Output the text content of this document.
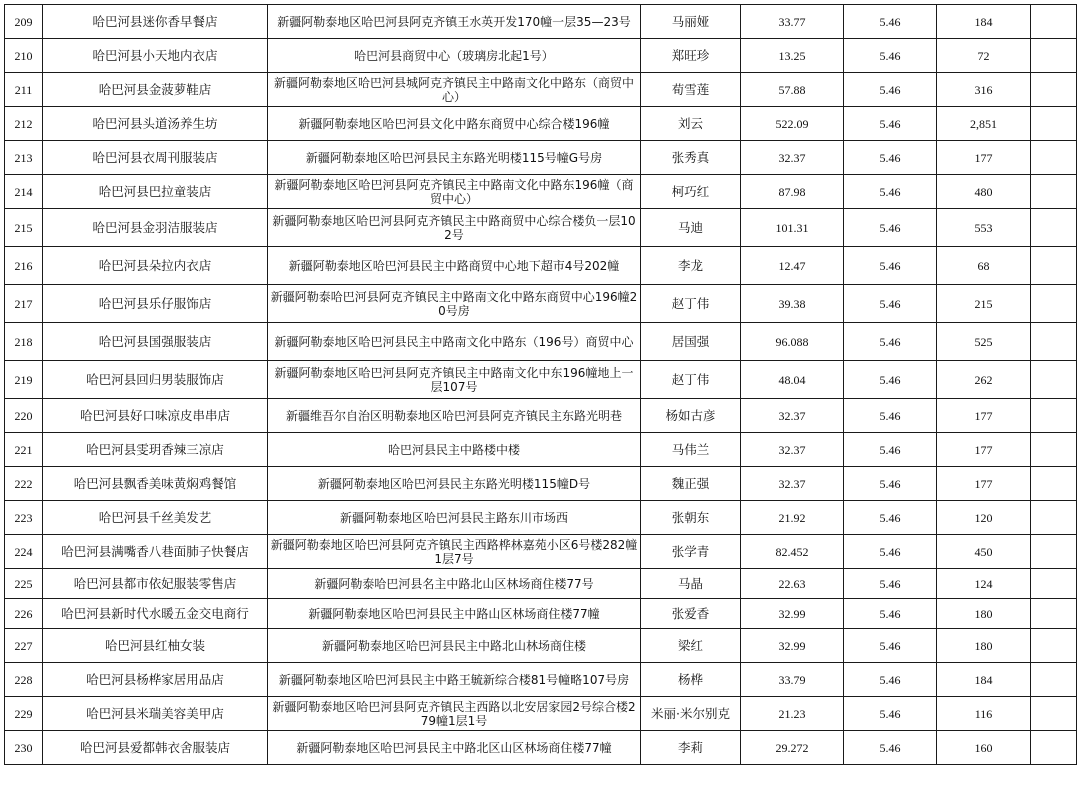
209	哈巴河县迷你香早餐店	新疆阿勒泰地区哈巴河县阿克齐镇王水英开发170幢一层35—23号	马丽娅	33.77	5.46	184	
210	哈巴河县小天地内衣店	哈巴河县商贸中心（玻璃房北起1号）	郑旺珍	13.25	5.46	72	
211	哈巴河县金菠萝鞋店	新疆阿勒泰地区哈巴河县城阿克齐镇民主中路南文化中路东（商贸中心）	荀雪莲	57.88	5.46	316	
212	哈巴河县头道汤养生坊	新疆阿勒泰地区哈巴河县文化中路东商贸中心综合楼196幢	刘云	522.09	5.46	2,851	
213	哈巴河县衣周刊服装店	新疆阿勒泰地区哈巴河县民主东路光明楼115号幢G号房	张秀真	32.37	5.46	177	
214	哈巴河县巴拉童装店	新疆阿勒泰地区哈巴河县阿克齐镇民主中路南文化中路东196幢（商贸中心）	柯巧红	87.98	5.46	480	
215	哈巴河县金羽洁服装店	新疆阿勒泰地区哈巴河县阿克齐镇民主中路商贸中心综合楼负一层102号	马迪	101.31	5.46	553	
216	哈巴河县朵拉内衣店	新疆阿勒泰地区哈巴河县民主中路商贸中心地下超市4号202幢	李龙	12.47	5.46	68	
217	哈巴河县乐仔服饰店	新疆阿勒泰哈巴河县阿克齐镇民主中路南文化中路东商贸中心196幢20号房	赵丁伟	39.38	5.46	215	
218	哈巴河县国强服装店	新疆阿勒泰地区哈巴河县民主中路南文化中路东（196号）商贸中心	居国强	96.088	5.46	525	
219	哈巴河县回归男装服饰店	新疆阿勒泰地区哈巴河县阿克齐镇民主中路南文化中东196幢地上一层107号	赵丁伟	48.04	5.46	262	
220	哈巴河县好口味凉皮串串店	新疆维吾尔自治区明勒泰地区哈巴河县阿克齐镇民主东路光明巷	杨如古彦	32.37	5.46	177	
221	哈巴河县雯玥香辣三凉店	哈巴河县民主中路楼中楼	马伟兰	32.37	5.46	177	
222	哈巴河县飘香美味黄焖鸡餐馆	新疆阿勒泰地区哈巴河县民主东路光明楼115幢D号	魏正强	32.37	5.46	177	
223	哈巴河县千丝美发艺	新疆阿勒泰地区哈巴河县民主路东川市场西	张朝东	21.92	5.46	120	
224	哈巴河县满嘴香八巷面肺子快餐店	新疆阿勒泰地区哈巴河县阿克齐镇民主西路桦林嘉苑小区6号楼282幢1层7号	张学青	82.452	5.46	450	
225	哈巴河县都市依妃服装零售店	新疆阿勒泰哈巴河县名主中路北山区林场商住楼77号	马晶	22.63	5.46	124	
226	哈巴河县新时代水暖五金交电商行	新疆阿勒泰地区哈巴河县民主中路山区林场商住楼77幢	张爱香	32.99	5.46	180	
227	哈巴河县红柚女装	新疆阿勒泰地区哈巴河县民主中路北山林场商住楼	梁红	32.99	5.46	180	
228	哈巴河县杨桦家居用品店	新疆阿勒泰地区哈巴河县民主中路王毓新综合楼81号幢略107号房	杨桦	33.79	5.46	184	
229	哈巴河县米瑞美容美甲店	新疆阿勒泰地区哈巴河县阿克齐镇民主西路以北安居家园2号综合楼279幢1层1号	米丽·米尔别克	21.23	5.46	116	
230	哈巴河县爱都韩衣舍服装店	新疆阿勒泰地区哈巴河县民主中路北区山区林场商住楼77幢	李莉	29.272	5.46	160	
